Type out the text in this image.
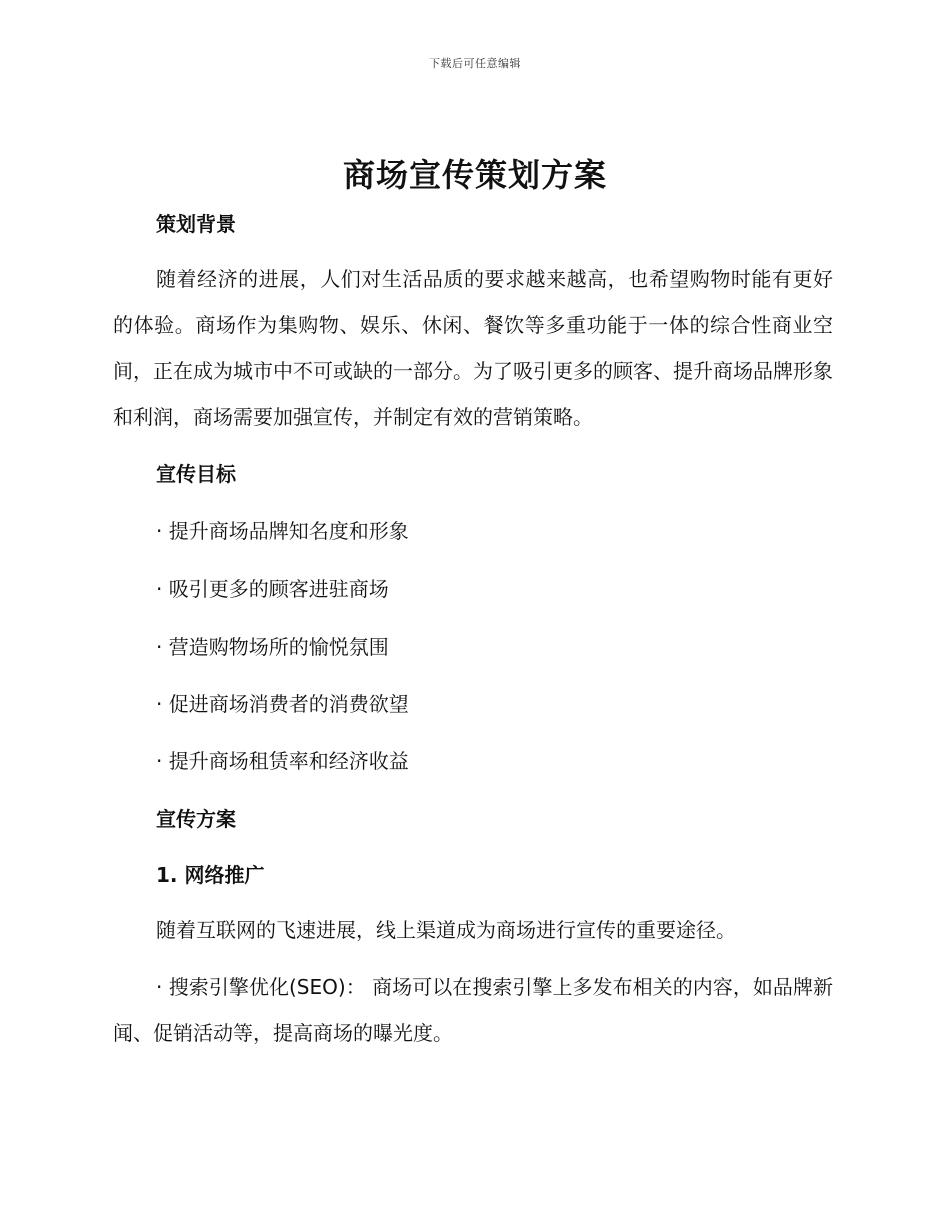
下载后可任意编辑
商场宣传策划方案
策划背景

随着经济的进展，人们对生活品质的要求越来越高，也希望购物时能有更好的体验。商场作为集购物、娱乐、休闲、餐饮等多重功能于一体的综合性商业空间，正在成为城市中不可或缺的一部分。为了吸引更多的顾客、提升商场品牌形象和利润，商场需要加强宣传，并制定有效的营销策略。

宣传目标

· 提升商场品牌知名度和形象

· 吸引更多的顾客进驻商场

· 营造购物场所的愉悦氛围

· 促进商场消费者的消费欲望

· 提升商场租赁率和经济收益

宣传方案
1. 网络推广

随着互联网的飞速进展，线上渠道成为商场进行宣传的重要途径。

· 搜索引擎优化(SEO)： 商场可以在搜索引擎上多发布相关的内容，如品牌新闻、促销活动等，提高商场的曝光度。
